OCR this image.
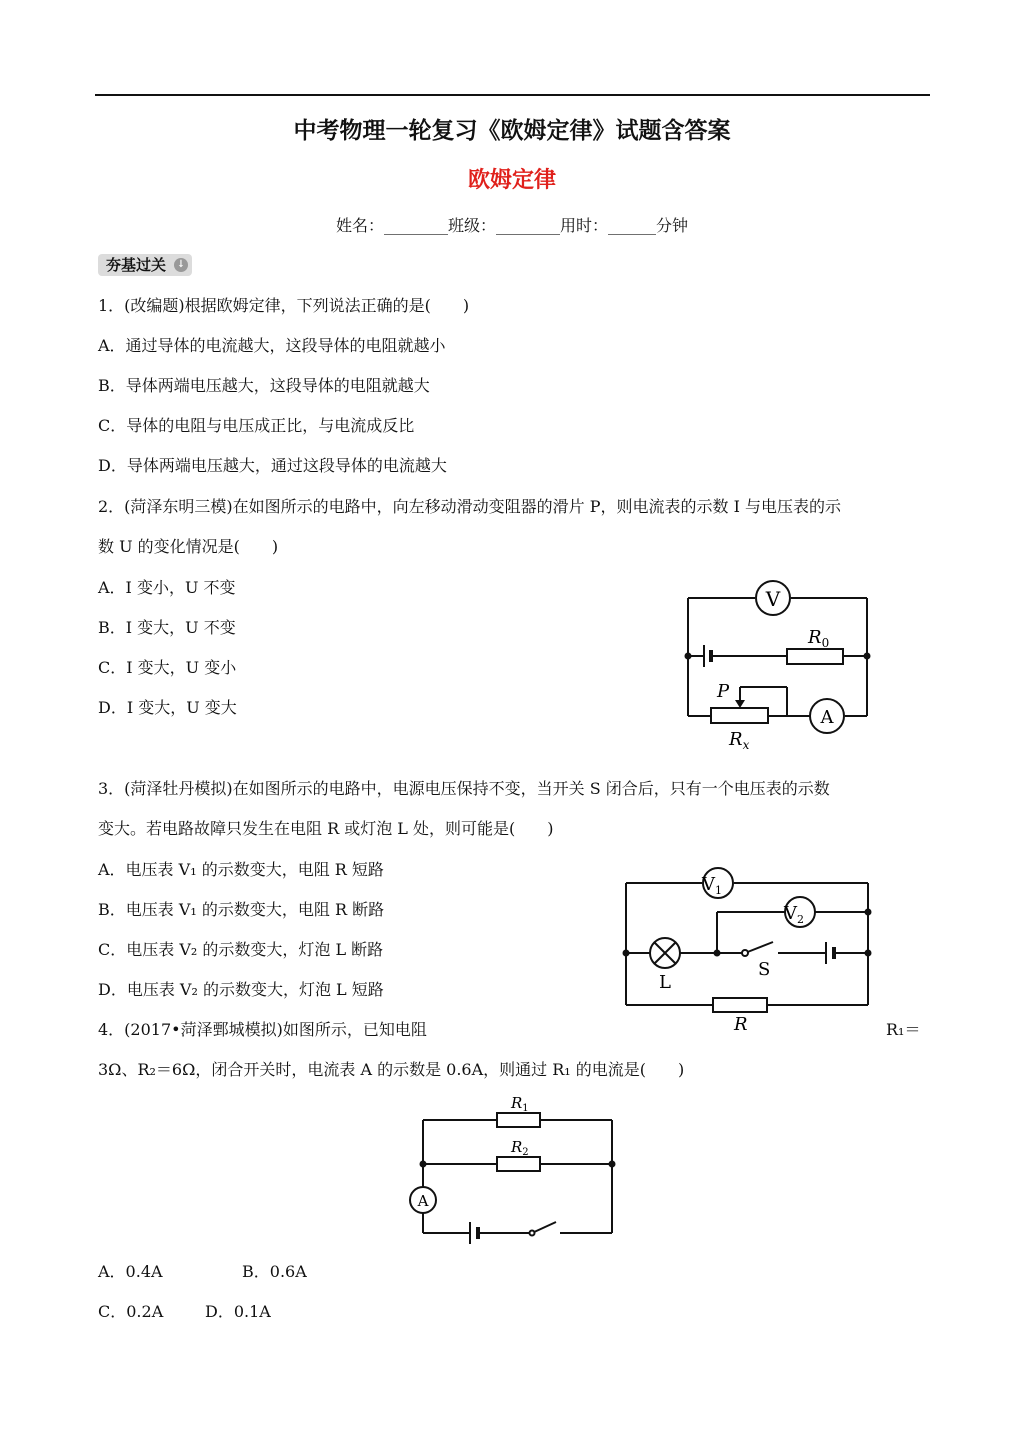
中考物理一轮复习《欧姆定律》试题含答案
欧姆定律
姓名：________班级：________用时：______分钟
夯基过关 ↓
1．(改编题)根据欧姆定律，下列说法正确的是(　　)
A．通过导体的电流越大，这段导体的电阻就越小
B．导体两端电压越大，这段导体的电阻就越大
C．导体的电阻与电压成正比，与电流成反比
D．导体两端电压越大，通过这段导体的电流越大
2．(菏泽东明三模)在如图所示的电路中，向左移动滑动变阻器的滑片 P，则电流表的示数 I 与电压表的示
数 U 的变化情况是(　　)
A．I 变小，U 不变
B．I 变大，U 不变
C．I 变大，U 变小
D．I 变大，U 变大
V
$R_0$
P
$R_x$
A
3．(菏泽牡丹模拟)在如图所示的电路中，电源电压保持不变，当开关 S 闭合后，只有一个电压表的示数
变大。若电路故障只发生在电阻 R 或灯泡 L 处，则可能是(　　)
A．电压表 V₁ 的示数变大，电阻 R 短路
B．电压表 V₁ 的示数变大，电阻 R 断路
C．电压表 V₂ 的示数变大，灯泡 L 断路
D．电压表 V₂ 的示数变大，灯泡 L 短路
$V_1$
$V_2$
L
S
R
4．(2017•菏泽鄄城模拟)如图所示，已知电阻	R₁＝
3Ω、R₂＝6Ω，闭合开关时，电流表 A 的示数是 0.6A，则通过 R₁ 的电流是(　　)
$R_1$
$R_2$
A
A．0.4A	B．0.6A
C．0.2A	D．0.1A
